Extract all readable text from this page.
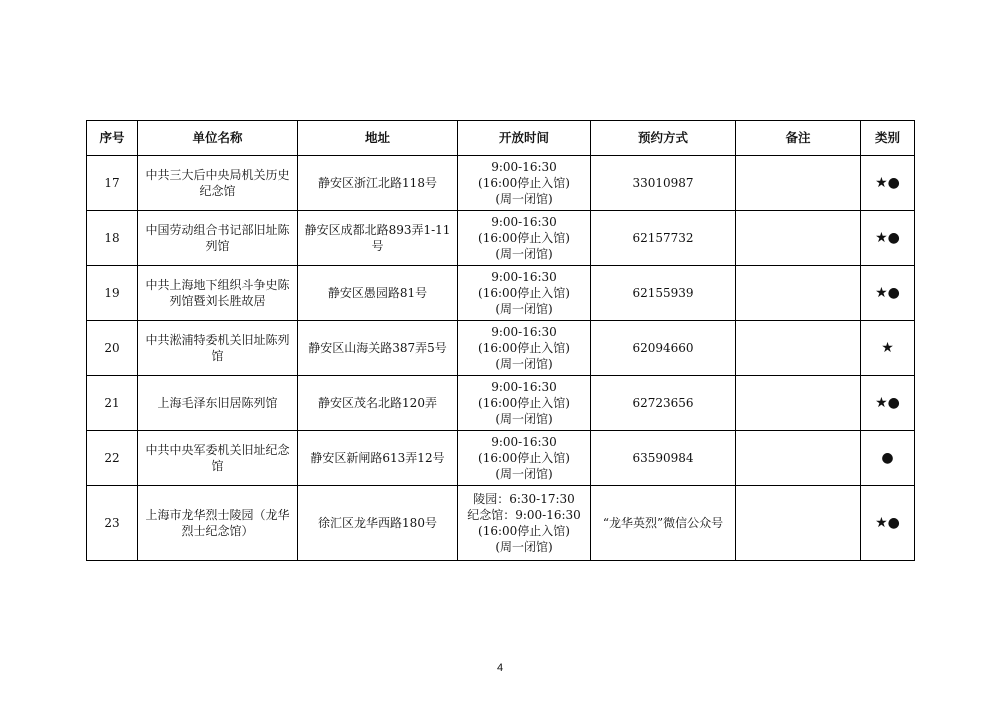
序号	单位名称	地址	开放时间	预约方式	备注	类别
17	中共三大后中央局机关历史纪念馆	静安区浙江北路118号	9:00-16:30
(16:00停止入馆)
(周一闭馆)	33010987		★●
18	中国劳动组合书记部旧址陈列馆	静安区成都北路893弄1-11 号	9:00-16:30
(16:00停止入馆)
(周一闭馆)	62157732		★●
19	中共上海地下组织斗争史陈列馆暨刘长胜故居	静安区愚园路81号	9:00-16:30
(16:00停止入馆)
(周一闭馆)	62155939		★●
20	中共淞浦特委机关旧址陈列馆	静安区山海关路387弄5号	9:00-16:30
(16:00停止入馆)
(周一闭馆)	62094660		★
21	上海毛泽东旧居陈列馆	静安区茂名北路120弄	9:00-16:30
(16:00停止入馆)
(周一闭馆)	62723656		★●
22	中共中央军委机关旧址纪念馆	静安区新闸路613弄12号	9:00-16:30
(16:00停止入馆)
(周一闭馆)	63590984		●
23	上海市龙华烈士陵园（龙华烈士纪念馆）	徐汇区龙华西路180号	陵园：6:30-17:30
纪念馆：9:00-16:30
(16:00停止入馆)
(周一闭馆)	“龙华英烈”微信公众号		★●
4
